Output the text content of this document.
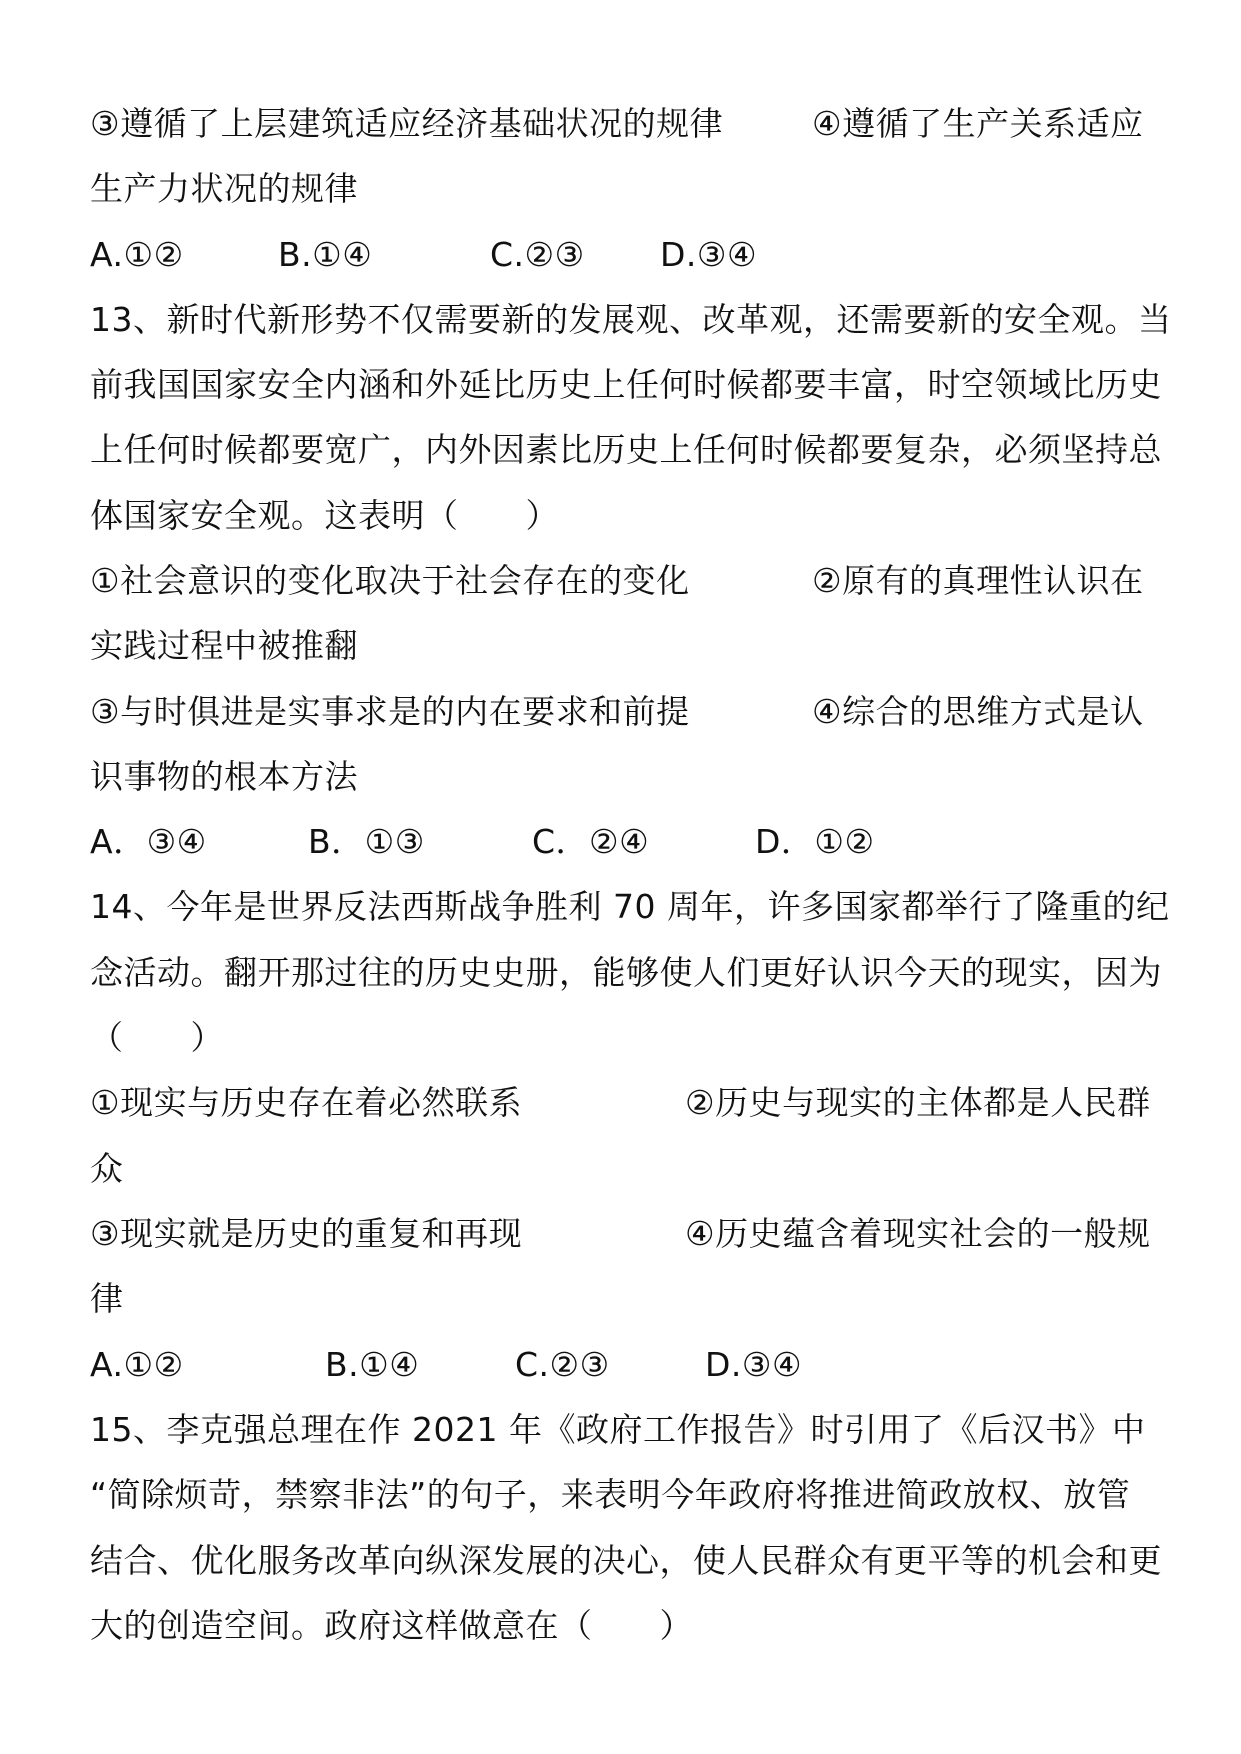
③遵循了上层建筑适应经济基础状况的规律	④遵循了生产关系适应
生产力状况的规律
A.①②	B.①④	C.②③ D.③④
13、新时代新形势不仅需要新的发展观、改革观，还需要新的安全观。当
前我国国家安全内涵和外延比历史上任何时候都要丰富，时空领域比历史
上任何时候都要宽广，内外因素比历史上任何时候都要复杂，必须坚持总
体国家安全观。这表明（　　）
①社会意识的变化取决于社会存在的变化	②原有的真理性认识在
实践过程中被推翻
③与时俱进是实事求是的内在要求和前提	④综合的思维方式是认
识事物的根本方法
A．③④	B．①③	C．②④	D．①②
14、今年是世界反法西斯战争胜利 70 周年，许多国家都举行了隆重的纪
念活动。翻开那过往的历史史册，能够使人们更好认识今天的现实，因为
（　　）
①现实与历史存在着必然联系	②历史与现实的主体都是人民群
众
③现实就是历史的重复和再现	④历史蕴含着现实社会的一般规
律
A.①②	B.①④	C.②③	D.③④
15、李克强总理在作 2021 年《政府工作报告》时引用了《后汉书》中
“简除烦苛，禁察非法”的句子，来表明今年政府将推进简政放权、放管
结合、优化服务改革向纵深发展的决心，使人民群众有更平等的机会和更
大的创造空间。政府这样做意在（　　）
